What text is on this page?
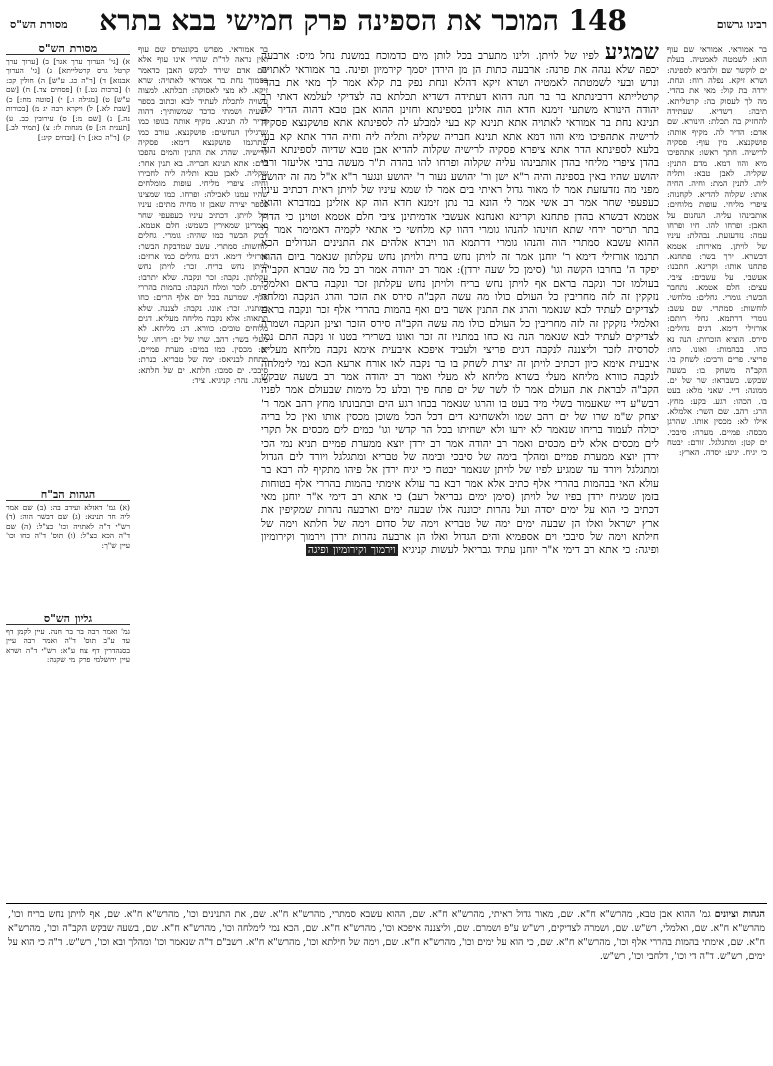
רבינו גרשום
148 המוכר את הספינה פרק חמישי בבא בתרא
מסורת הש"ס

בר אמוראי. אמוראי שם עוף הוא: לשמטה לאמטיה. בעלת ים לוקשר שם ולהביא לספינה: ושרא זיקא. נפלה רוח: ונחת. ירדה בת קול: מאי את בהדי. מה לך לעסוק בה: קרטליתא. תיבה: דשדיא. שעתידה להחזיק בה תכלת: הינורא. שם אדם: הדיר לה. מקיף אותה: פושקנצא. מין עוף: פסקיה לרישיה. חתך ראשו: אתהפיכו מיא והוו דמא. מדם התנין: שקליה. לאבן טבא: ותליה ליה. לתנין המת: וחיה. החיה אותו: שקלוה להדיא. לקחנוה: ציפרי מליחי. עופות מלוחים: אותבינהו עליה. הנחנום על האבן: ופרחו להו. חיו ופרחו עמה: נזדעזעת. נבהלת: עיניו של לויתן. מאירות: אטמא דבשרא. ירך בשר: פתחנא. פתחנו אותו: וקרינא. חתכנו: אעשבי. על עשבים: ציבי. עצים: חלם אטמא. נתחבר הבשר: גומרי. גחלים: מלחשי. לוחשות: סמתרי. שם עשב: גומרי דרתמא. גחלי רותם: אורזילי דימא. דגים גדולים: סירס. הוציא הזכרות: הנה נא כחו. בבהמות: ואונו. כחו: פריצי. פרים ורבים: לשחק בו. הקב"ה משחק בו: בשעה שבקש. כשבראו: שר של ים. ממונה: דיי. שאני מלא: בעט בו. הכהו: רגע. בקע: מחץ. הרג: רהב. שם השר: אלמלא. אילו לא: מכסין אותו. שהרגן מכסה: פמיים. מערה: סיבכי. ים קטן: ומתגלגל. זורם: יבטח כי יגיח. יגיע: יסדה. הארץ:

שמגיע לפיו של לויתן. ולינו מתערב בכל לותן מים כדמוכח במשנת נחל מיס: ארבעה יכפה שלא ננהה את פרנה: ארבעה כתות הן מן הירדן יסמך קירמיון ופינה. בר אמוראי לאתויה ונרש ובעי לשמטתה לאמטיה ושרא זיקא דהלא ונחת נפק בת קלא אמר לך מאי את בהדי קרטלייתא דרבינתתא בר בר חנה דהוא דעתידה דשדיא תכלתא בה לצדיקי לעלמא דאתי רב יהודה הינורא משתעי זימנא חדא הוה אזלינן בספינתא וחזינן ההוא אבן טבא דהוה הדיר לה תנינא נחת בר אמוראי לאתויה אתא תנינא קא בעי למבלע לה לספינתא אתא פושקנצא פסקיה לרישיה אתהפיכו מיא והוו דמא אתא תנינא חבריה שקליה ותליה ליה וחיה הדר אתא קא בעי בלעא לספינתא הדר אתא ציפרא פסקיה לרישיה שקלוה להדיא אבן טבא שדיוה לספינתא הוה בהדן ציפרי מליחי בהדן אותבינהו עליה שקלוה ופרחו להו בהדה ת"ר מעשה ברבי אליעזר ורבי יהושע שהיו באין בספינה והיה ר"א ישן ור' יהושע נעור ר' יהושע ונגער ר"א א"ל מה זה יהושע מפני מה נזדעזעת אמר לו מאור גדול ראיתי בים אמר לו שמא עיניו של לויתן ראית דכתיב עיניו כעפעפי שחר אמר רב אשי אמר לי הונא בר נתן זימנא חדא הוה קא אזלינן במדברא והואי אטמא דבשרא בהדן פתחנא וקרינא ואנחנא אעשבי אדמיתינן ציבי חלם אטמא וטוינן כי הדרן בתר תריסר ירחי שתא חזינהו להנהו גומרי דהוו קא מלחשי כי אתאי לקמיה דאמימר אמר לי ההוא עשבא סמתרי הוה והנהו גומרי דרתמא הוו ויברא אלהים את התנינים הגדולים הכא תרגמו אורזילי דימא ר' יוחנן אמר זה לויתן נחש בריח ולויתן נחש עקלתון שנאמר ביום ההוא יפקד ה' בחרבו הקשה וגו' (סימן כל שעה ירדן): אמר רב יהודה אמר רב כל מה שברא הקב"ה בעולמו זכר ונקבה בראם אף לויתן נחש בריח ולויתן נחש עקלתון זכר ונקבה בראם ואלמלי נזקקין זה לזה מחריבין כל העולם כולו מה עשה הקב"ה סירס את הזכר והרג הנקבה ומלחה לצדיקים לעתיד לבא שנאמר והרג את התנין אשר בים ואף בהמות בהררי אלף זכר ונקבה בראם ואלמלי נזקקין זה לזה מחריבין כל העולם כולו מה עשה הקב"ה סירס הזכר וצינן הנקבה ושמרה לצדיקים לעתיד לבא שנאמר הנה נא כחו במתניו זה זכר ואונו בשרירי בטנו זו נקבה התם נמי לסרסיה לזכר וליצננה לנקבה דגים פריצי ולעביד איפכא איבעית אימא נקבה מליחא מעליא איבעית אימא כיון דכתיב לויתן זה יצרת לשחק בו בר נקבה לאו אורח ארעא הכא נמי לימלחה לנקבה כוורא מליחא מעלי בשרא מליחא לא מעלי ואמר רב יהודה אמר רב בשעה שבקש הקב"ה לבראת את העולם אמר לו לשר של ים פתח פיך ובלע כל מימות שבעולם אמר לפניו רבש"ע דיי שאעמוד בשלי מיד בעט בו והרגו שנאמר בכחו רגע הים ובתבונתו מחץ רהב אמר ר' יצחק ש"מ שרו של ים רהב שמו ולאשחינא דים דכל הכל משוכן מכסין אותו ואין כל בריה יכולה לעמוד בריחו שנאמר לא ירעו ולא ישחיתו בכל הר קדשי וגו' כמים לים מכסים אל תקרי לים מכסים אלא לים מכסים ואמר רב יהודה אמר רב ירדן יוצא ממערת פמיים תניא נמי הכי ירדן יוצא ממערת פמיים ומהלך בימה של סיבכי ובימה של טבריא ומתגלגל ויורד לים הגדול ומתגלגל ויורד עד שמגיע לפיו של לויתן שנאמר יבטח כי יגיח ירדן אל פיהו מתקיף לה רבא בר עולא האי בבהמות בהררי אלף כתיב אלא אמר רבא בר עולא אימתי בהמות בהררי אלף בטוחות בזמן שמגיח ירדן בפיו של לויתן (סימן ימים גבריאל רעב) כי אתא רב דימי א"ר יוחנן מאי דכתיב כי הוא על ימים יסדה ועל נהרות יכוננה אלו שבעה ימים וארבעה נהרות שמקיפין את ארץ ישראל ואלו הן שבעה ימים ימה של טבריא וימה של סדום וימה של חלתא וימה של חילתא וימה של סיבכי וים אספמיא והים הגדול ואלו הן ארבעה נהרות ירדן וירמוך וקירומיון ופיגה: כי אתא רב דימי א"ר יוחנן עתיד גבריאל לעשות קניגיא וירמוך וקירומיון ופיגה

בר אמוראי. מפרש בקונטרס שם עוף ואין נראה לר"ת שהרי אינו עוף אלא שם אדם שירד לבקש האבן כדאמר בסמוך נחת בר אמוראי לאתויה: שרא זיקא. לא מצי לאסוקה: תכלתא. למצוה עשויה לתכלת לעתיד לבא וכתוב בספר ישעיה ושמתי כדכד שמשותיך: דהוה הדיר לה תנינא. מקיף אותה בגופו כמו שרגילין הנחשים: פושקנצא. עורב כמו שתרגמו פושקנצא דימא: פסקיה לרישיה. שהרג את התנין והמים נהפכו לדם: אתא תנינא חבריה. בא תנין אחר: שקליה. לאבן טבא ותליה ליה לחבירו וחיה: ציפרי מליחי. עופות מומלחים שהיו עמנו לאכילה: ופרחו. כמו שמצינו בספר יצירה שאבן זו מחיה מתים: עיניו של לויתן. דכתיב עיניו כעפעפי שחר ואמרינן שמאירין כשמש: חלם אטמא. דבוק הבשר כמו שהיה: גומרי. גחלים לוחשות: סמתרי. עשב שמדבקת הבשר: אורזילי דימא. דגים גדולים כמו ארזים: לויתן נחש בריח. זכר: לויתן נחש עקלתון. נקבה: זכר ונקבה. שלא יתרבו: סירס. לזכר ומלח הנקבה: בהמות בהררי אלף. שמרעה בכל יום אלף הרים: כחו במתניו. זכר: אונו. נקבה: לצננה. שלא תתאוה: אלא נקבה מליחה מעליא. דגים מלוחים טובים: כוורא. דג: מליחא. לא מעלי בשר: רהב. שרו של ים: ריחו. של ים: מכסין. כמו במים: מערת פמיים. מתחת לבניאס: ימה של טבריא. כנרת: סיבכי. ים סמכו: חלתא. ים של חלתא: פיגה. נהר: קניגיא. ציד:

מסורת הש"ס

א) [גי' הערוך ערך אגר] ב) [ערוך ערך קרטל גרס קרטלייתא] ג) [גי' הערוך אבנזא] ד) [ר"ה כג. ע"ש] ה) חולין קכ: ו) [ברכות נט.] ז) [פסחים צד.] ח) [שם ע"ש] ט) [מגילה ו.] י) [סוטה מח:] כ) [שבת לא.] ל) ויקרא רבה יג מ) [בכורות נה.] נ) [שם מ:] ס) עירובין כב. ע) [תענית ה:] פ) מנחות לז: צ) [תמיד לב.] ק) [ר"ה כא:] ר) [זבחים קיג:]

הגהות הב"ח

(א) גמ' דאזלא ועידב בה: (ב) שם אמר ליה חד תנינא: (ג) שם דבשר הוה: (ד) רש"י ד"ה לאתויה וכו' כצ"ל: (ה) שם ד"ה הכא כצ"ל: (ו) תוס' ד"ה כחו וכו' עיין ש"ך:

גליון הש"ס

גמ' ואמר רבה בר בר חנה. עיין לקמן דף עד ע"ב תוס' ד"ה ואמר רבה עיין בסנהדרין דף צח ע"א: רש"י ד"ה ושרא עיין ירושלמי פרק מי שקנה:

הגהות וציונים גמ' ההוא אבן טבא, מהרש"א ח"א. שם, מאור גדול ראיתי, מהרש"א ח"א. שם, ההוא עשבא סמתרי, מהרש"א ח"א. שם, את התנינים וכו', מהרש"א ח"א. שם, אף לויתן נחש בריח וכו', מהרש"א ח"א. שם, ואלמלי, רש"ש. שם, ושמרה לצדיקים, רש"ש ע"פ ושמרם. שם, וליצננה איפכא וכו', מהרש"א ח"א. שם, הכא נמי לימלחה וכו', מהרש"א ח"א. שם, בשעה שבקש הקב"ה וכו', מהרש"א ח"א. שם, אימתי בהמות בהררי אלף וכו', מהרש"א ח"א. שם, כי הוא על ימים וכו', מהרש"א ח"א. שם, וימה של חילתא וכו', מהרש"א ח"א. רשב"ם ד"ה שנאמר וכו' ומהלך ובא וכו', רש"ש. ד"ה כי הוא על ימים, רש"ש. ד"ה די וכו', דלחבי וכו', רש"ש.
